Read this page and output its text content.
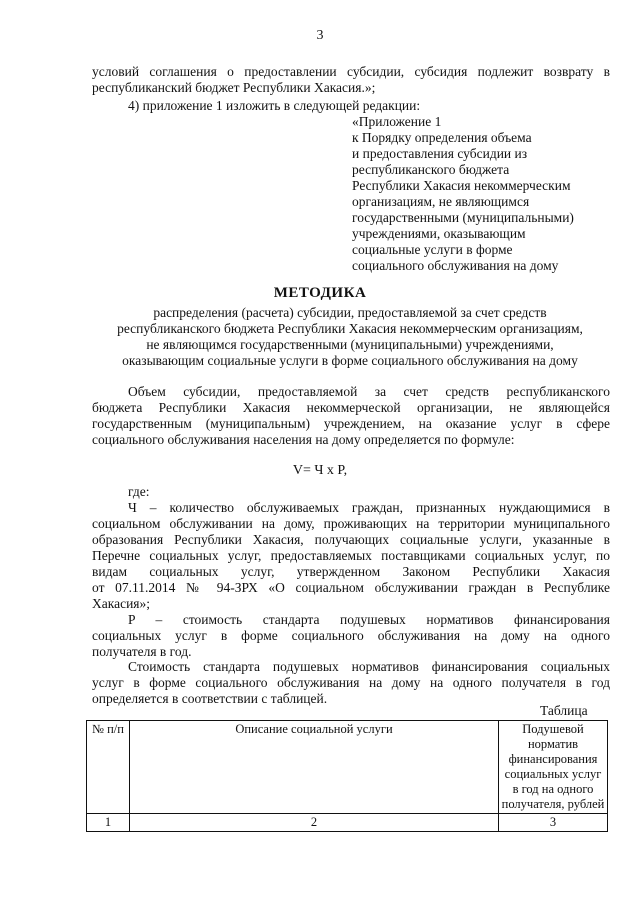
3
условий соглашения о предоставлении субсидии, субсидия подлежит возврату в
республиканский бюджет Республики Хакасия.»;
4) приложение 1 изложить в следующей редакции:
«Приложение 1
к Порядку определения объема
и предоставления субсидии из
республиканского бюджета
Республики Хакасия некоммерческим
организациям, не являющимся
государственными (муниципальными)
учреждениями, оказывающим
социальные услуги в форме
социального обслуживания на дому
МЕТОДИКА
распределения (расчета) субсидии, предоставляемой за счет средств
республиканского бюджета Республики Хакасия некоммерческим организациям,
не являющимся государственными (муниципальными) учреждениями,
оказывающим социальные услуги в форме социального обслуживания на дому
Объем субсидии, предоставляемой за счет средств республиканского
бюджета Республики Хакасия некоммерческой организации, не являющейся
государственным (муниципальным) учреждением, на оказание услуг в сфере
социального обслуживания населения на дому определяется по формуле:
V= Ч х P,
где:
Ч – количество обслуживаемых граждан, признанных нуждающимися в
социальном обслуживании на дому, проживающих на территории муниципального
образования Республики Хакасия, получающих социальные услуги, указанные в
Перечне социальных услуг, предоставляемых поставщиками социальных услуг, по
видам социальных услуг, утвержденном Законом Республики Хакасия
от 07.11.2014 № 94-ЗРХ «О социальном обслуживании граждан в Республике
Хакасия»;
P – стоимость стандарта подушевых нормативов финансирования
социальных услуг в форме социального обслуживания на дому на одного
получателя в год.
Стоимость стандарта подушевых нормативов финансирования социальных
услуг в форме социального обслуживания на дому на одного получателя в год
определяется в соответствии с таблицей.
Таблица
№ п/п	Описание социальной услуги	Подушевой норматив финансирования социальных услуг в год на одного получателя, рублей
1	2	3
